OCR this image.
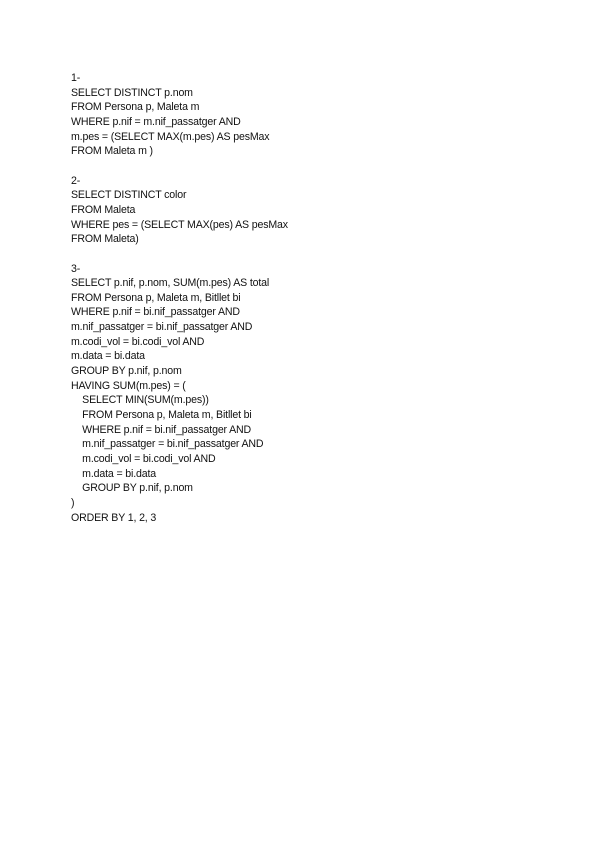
1-
SELECT DISTINCT p.nom
FROM Persona p, Maleta m
WHERE p.nif = m.nif_passatger AND
m.pes = (SELECT MAX(m.pes) AS pesMax
FROM Maleta m )
2-
SELECT DISTINCT color
FROM Maleta
WHERE pes = (SELECT MAX(pes) AS pesMax
FROM Maleta)
3-
SELECT p.nif, p.nom, SUM(m.pes) AS total
FROM Persona p, Maleta m, Bitllet bi
WHERE p.nif = bi.nif_passatger AND
m.nif_passatger = bi.nif_passatger AND
m.codi_vol = bi.codi_vol AND
m.data = bi.data
GROUP BY p.nif, p.nom
HAVING SUM(m.pes) = (
SELECT MIN(SUM(m.pes))
FROM Persona p, Maleta m, Bitllet bi
WHERE p.nif = bi.nif_passatger AND
m.nif_passatger = bi.nif_passatger AND
m.codi_vol = bi.codi_vol AND
m.data = bi.data
GROUP BY p.nif, p.nom
)
ORDER BY 1, 2, 3
